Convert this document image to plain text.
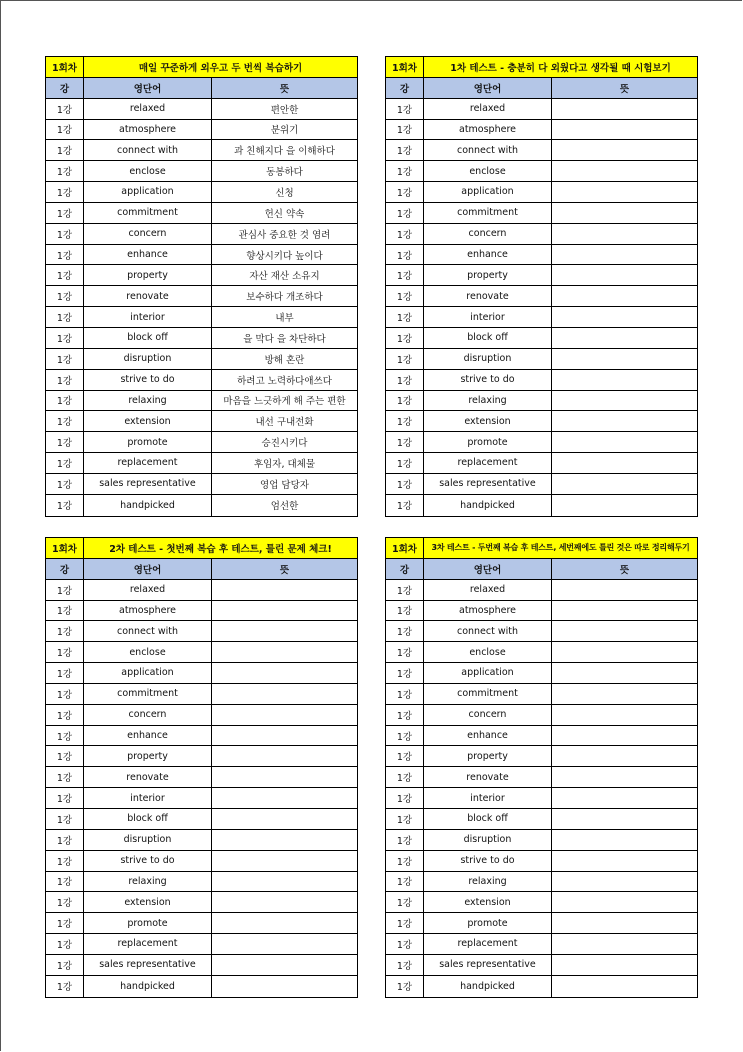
1회차	매일 꾸준하게 외우고 두 번씩 복습하기
강	영단어	뜻
1강	relaxed	편안한
1강	atmosphere	분위기
1강	connect with	과 친해지다 을 이해하다
1강	enclose	동봉하다
1강	application	신청
1강	commitment	헌신 약속
1강	concern	관심사 중요한 것 염려
1강	enhance	향상시키다 높이다
1강	property	자산 재산 소유지
1강	renovate	보수하다 개조하다
1강	interior	내부
1강	block off	을 막다 을 차단하다
1강	disruption	방해 혼란
1강	strive to do	하려고 노력하다애쓰다
1강	relaxing	마음을 느긋하게 해 주는 편한
1강	extension	내선 구내전화
1강	promote	승진시키다
1강	replacement	후임자, 대체물
1강	sales representative	영업 담당자
1강	handpicked	엄선한
1회차	1차 테스트 - 충분히 다 외웠다고 생각될 때 시험보기
강	영단어	뜻
1강	relaxed
1강	atmosphere
1강	connect with
1강	enclose
1강	application
1강	commitment
1강	concern
1강	enhance
1강	property
1강	renovate
1강	interior
1강	block off
1강	disruption
1강	strive to do
1강	relaxing
1강	extension
1강	promote
1강	replacement
1강	sales representative
1강	handpicked
1회차	2차 테스트 - 첫번째 복습 후 테스트, 틀린 문제 체크!
강	영단어	뜻
1강	relaxed
1강	atmosphere
1강	connect with
1강	enclose
1강	application
1강	commitment
1강	concern
1강	enhance
1강	property
1강	renovate
1강	interior
1강	block off
1강	disruption
1강	strive to do
1강	relaxing
1강	extension
1강	promote
1강	replacement
1강	sales representative
1강	handpicked
1회차	3차 테스트 - 두번째 복습 후 테스트, 세번째에도 틀린 것은 따로 정리해두기
강	영단어	뜻
1강	relaxed
1강	atmosphere
1강	connect with
1강	enclose
1강	application
1강	commitment
1강	concern
1강	enhance
1강	property
1강	renovate
1강	interior
1강	block off
1강	disruption
1강	strive to do
1강	relaxing
1강	extension
1강	promote
1강	replacement
1강	sales representative
1강	handpicked
